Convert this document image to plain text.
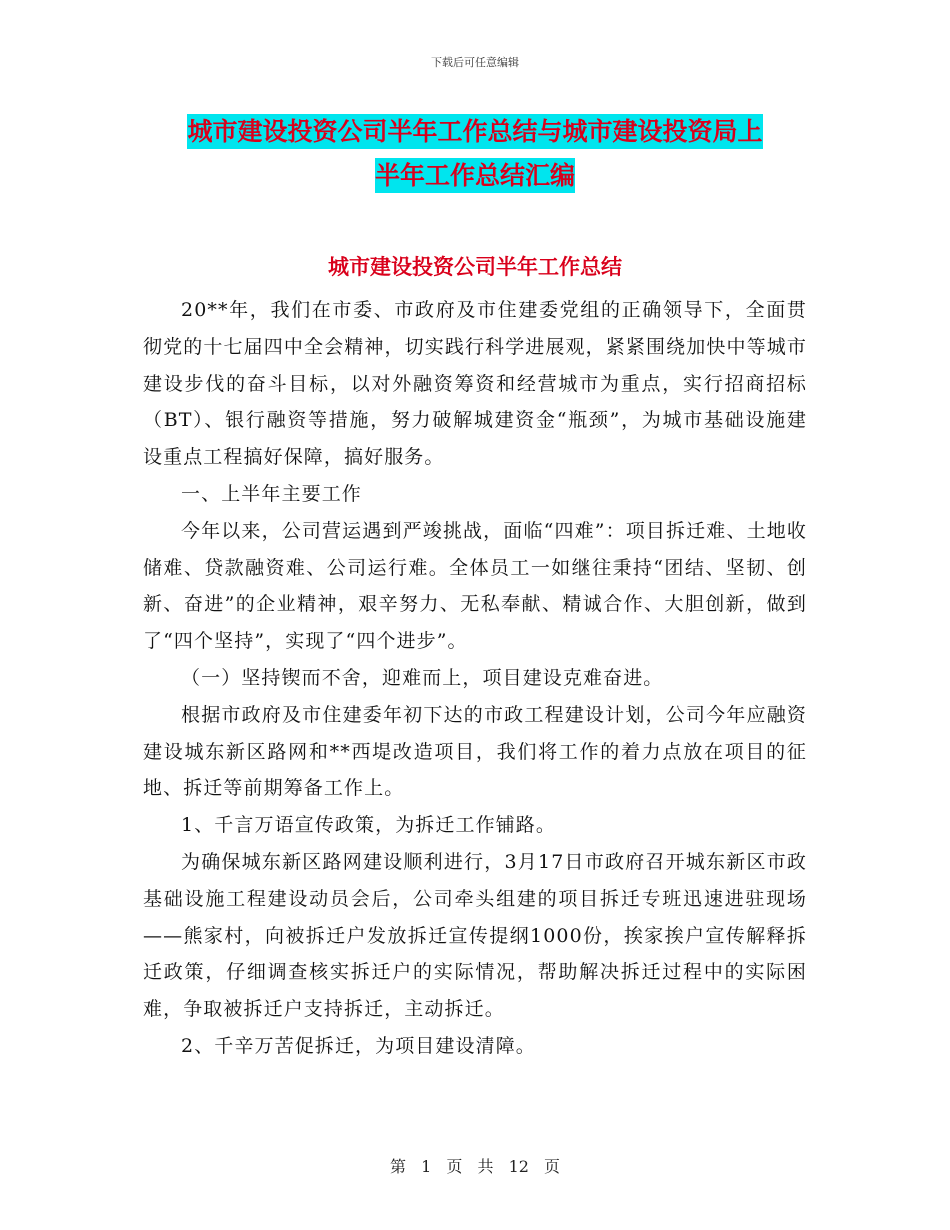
下载后可任意编辑
城市建设投资公司半年工作总结与城市建设投资局上
半年工作总结汇编
城市建设投资公司半年工作总结

20**年，我们在市委、市政府及市住建委党组的正确领导下，全面贯彻党的十七届四中全会精神，切实践行科学进展观，紧紧围绕加快中等城市建设步伐的奋斗目标，以对外融资筹资和经营城市为重点，实行招商招标（BT）、银行融资等措施，努力破解城建资金“瓶颈”，为城市基础设施建设重点工程搞好保障，搞好服务。

一、上半年主要工作

今年以来，公司营运遇到严竣挑战，面临“四难”：项目拆迁难、土地收储难、贷款融资难、公司运行难。全体员工一如继往秉持“团结、坚韧、创新、奋进”的企业精神，艰辛努力、无私奉献、精诚合作、大胆创新，做到了“四个坚持”，实现了“四个进步”。

（一）坚持锲而不舍，迎难而上，项目建设克难奋进。

根据市政府及市住建委年初下达的市政工程建设计划，公司今年应融资建设城东新区路网和**西堤改造项目，我们将工作的着力点放在项目的征地、拆迁等前期筹备工作上。

1、千言万语宣传政策，为拆迁工作铺路。

为确保城东新区路网建设顺利进行，3月17日市政府召开城东新区市政基础设施工程建设动员会后，公司牵头组建的项目拆迁专班迅速进驻现场——熊家村，向被拆迁户发放拆迁宣传提纲1000份，挨家挨户宣传解释拆迁政策，仔细调查核实拆迁户的实际情况，帮助解决拆迁过程中的实际困难，争取被拆迁户支持拆迁，主动拆迁。

2、千辛万苦促拆迁，为项目建设清障。

第 1 页 共 12 页
